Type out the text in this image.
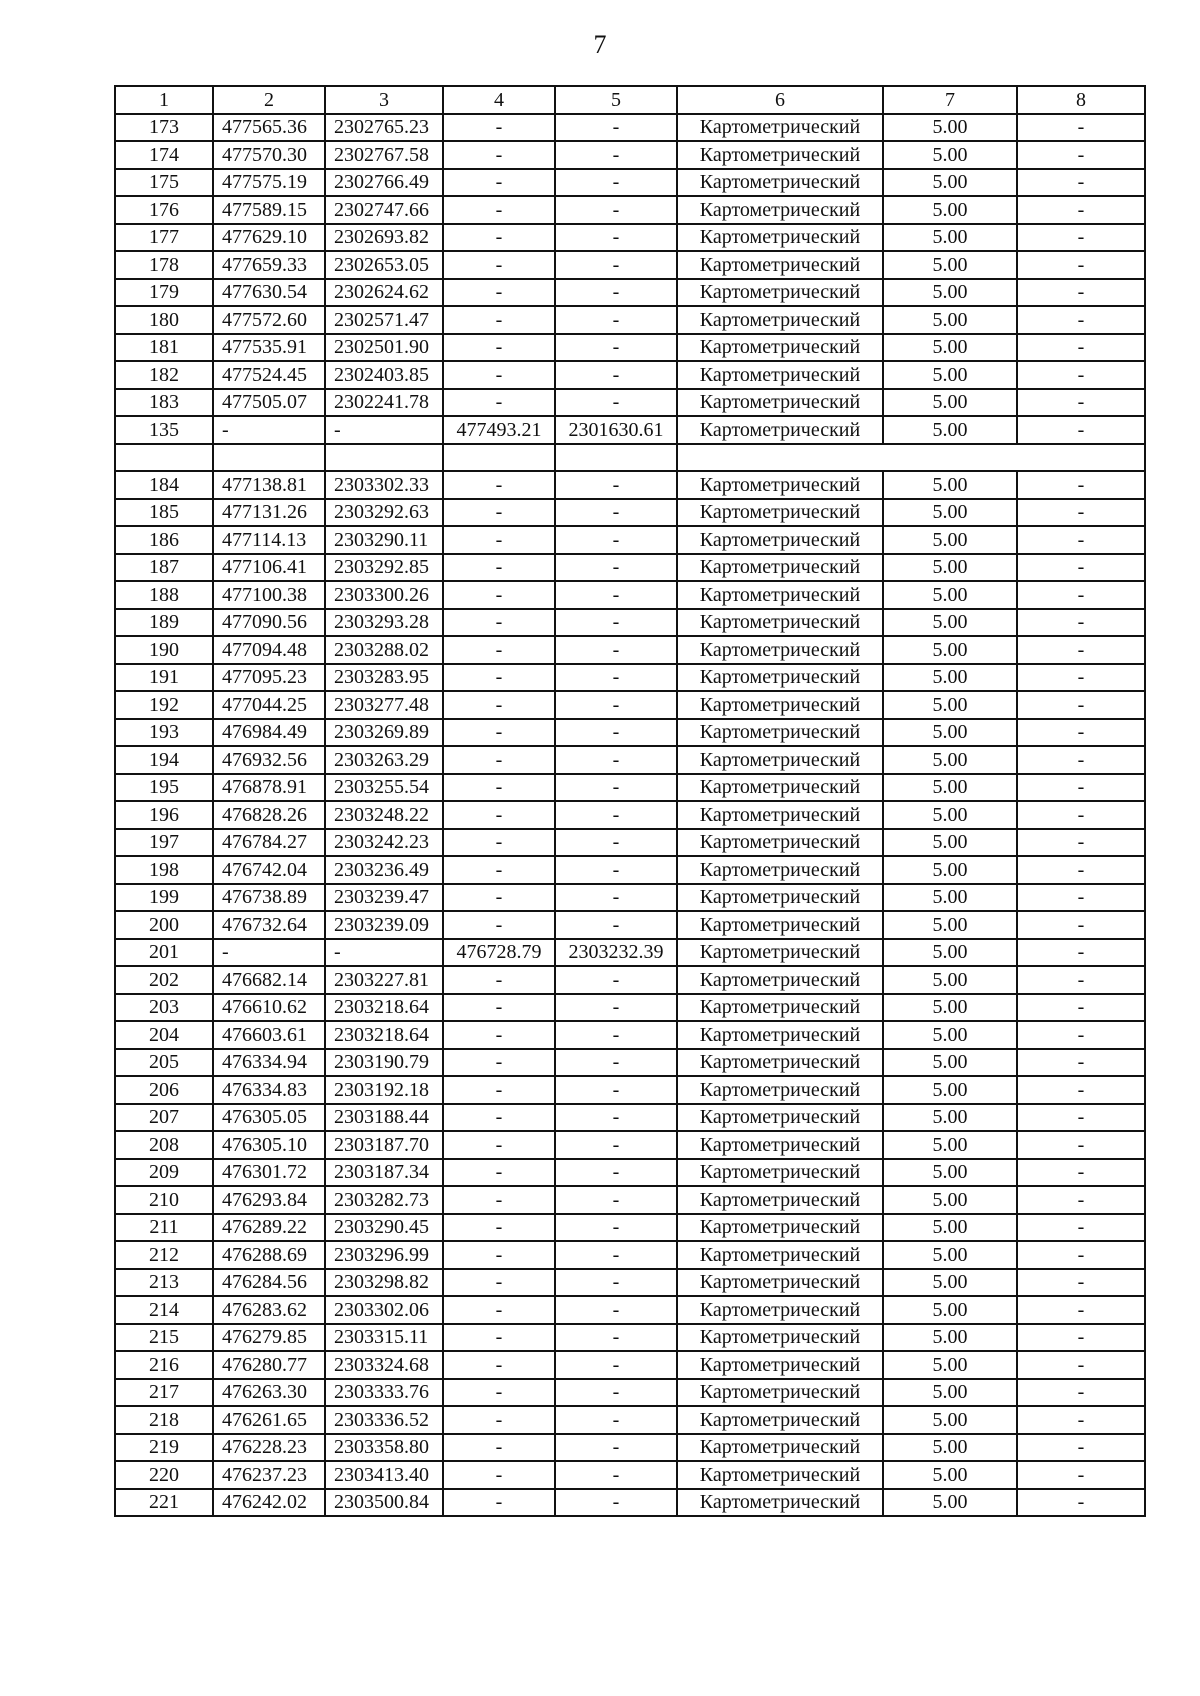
7
1	2	3	4	5	6	7	8
173	477565.36	2302765.23	-	-	Картометрический	5.00	-
174	477570.30	2302767.58	-	-	Картометрический	5.00	-
175	477575.19	2302766.49	-	-	Картометрический	5.00	-
176	477589.15	2302747.66	-	-	Картометрический	5.00	-
177	477629.10	2302693.82	-	-	Картометрический	5.00	-
178	477659.33	2302653.05	-	-	Картометрический	5.00	-
179	477630.54	2302624.62	-	-	Картометрический	5.00	-
180	477572.60	2302571.47	-	-	Картометрический	5.00	-
181	477535.91	2302501.90	-	-	Картометрический	5.00	-
182	477524.45	2302403.85	-	-	Картометрический	5.00	-
183	477505.07	2302241.78	-	-	Картометрический	5.00	-
135	-	-	477493.21	2301630.61	Картометрический	5.00	-

184	477138.81	2303302.33	-	-	Картометрический	5.00	-
185	477131.26	2303292.63	-	-	Картометрический	5.00	-
186	477114.13	2303290.11	-	-	Картометрический	5.00	-
187	477106.41	2303292.85	-	-	Картометрический	5.00	-
188	477100.38	2303300.26	-	-	Картометрический	5.00	-
189	477090.56	2303293.28	-	-	Картометрический	5.00	-
190	477094.48	2303288.02	-	-	Картометрический	5.00	-
191	477095.23	2303283.95	-	-	Картометрический	5.00	-
192	477044.25	2303277.48	-	-	Картометрический	5.00	-
193	476984.49	2303269.89	-	-	Картометрический	5.00	-
194	476932.56	2303263.29	-	-	Картометрический	5.00	-
195	476878.91	2303255.54	-	-	Картометрический	5.00	-
196	476828.26	2303248.22	-	-	Картометрический	5.00	-
197	476784.27	2303242.23	-	-	Картометрический	5.00	-
198	476742.04	2303236.49	-	-	Картометрический	5.00	-
199	476738.89	2303239.47	-	-	Картометрический	5.00	-
200	476732.64	2303239.09	-	-	Картометрический	5.00	-
201	-	-	476728.79	2303232.39	Картометрический	5.00	-
202	476682.14	2303227.81	-	-	Картометрический	5.00	-
203	476610.62	2303218.64	-	-	Картометрический	5.00	-
204	476603.61	2303218.64	-	-	Картометрический	5.00	-
205	476334.94	2303190.79	-	-	Картометрический	5.00	-
206	476334.83	2303192.18	-	-	Картометрический	5.00	-
207	476305.05	2303188.44	-	-	Картометрический	5.00	-
208	476305.10	2303187.70	-	-	Картометрический	5.00	-
209	476301.72	2303187.34	-	-	Картометрический	5.00	-
210	476293.84	2303282.73	-	-	Картометрический	5.00	-
211	476289.22	2303290.45	-	-	Картометрический	5.00	-
212	476288.69	2303296.99	-	-	Картометрический	5.00	-
213	476284.56	2303298.82	-	-	Картометрический	5.00	-
214	476283.62	2303302.06	-	-	Картометрический	5.00	-
215	476279.85	2303315.11	-	-	Картометрический	5.00	-
216	476280.77	2303324.68	-	-	Картометрический	5.00	-
217	476263.30	2303333.76	-	-	Картометрический	5.00	-
218	476261.65	2303336.52	-	-	Картометрический	5.00	-
219	476228.23	2303358.80	-	-	Картометрический	5.00	-
220	476237.23	2303413.40	-	-	Картометрический	5.00	-
221	476242.02	2303500.84	-	-	Картометрический	5.00	-
